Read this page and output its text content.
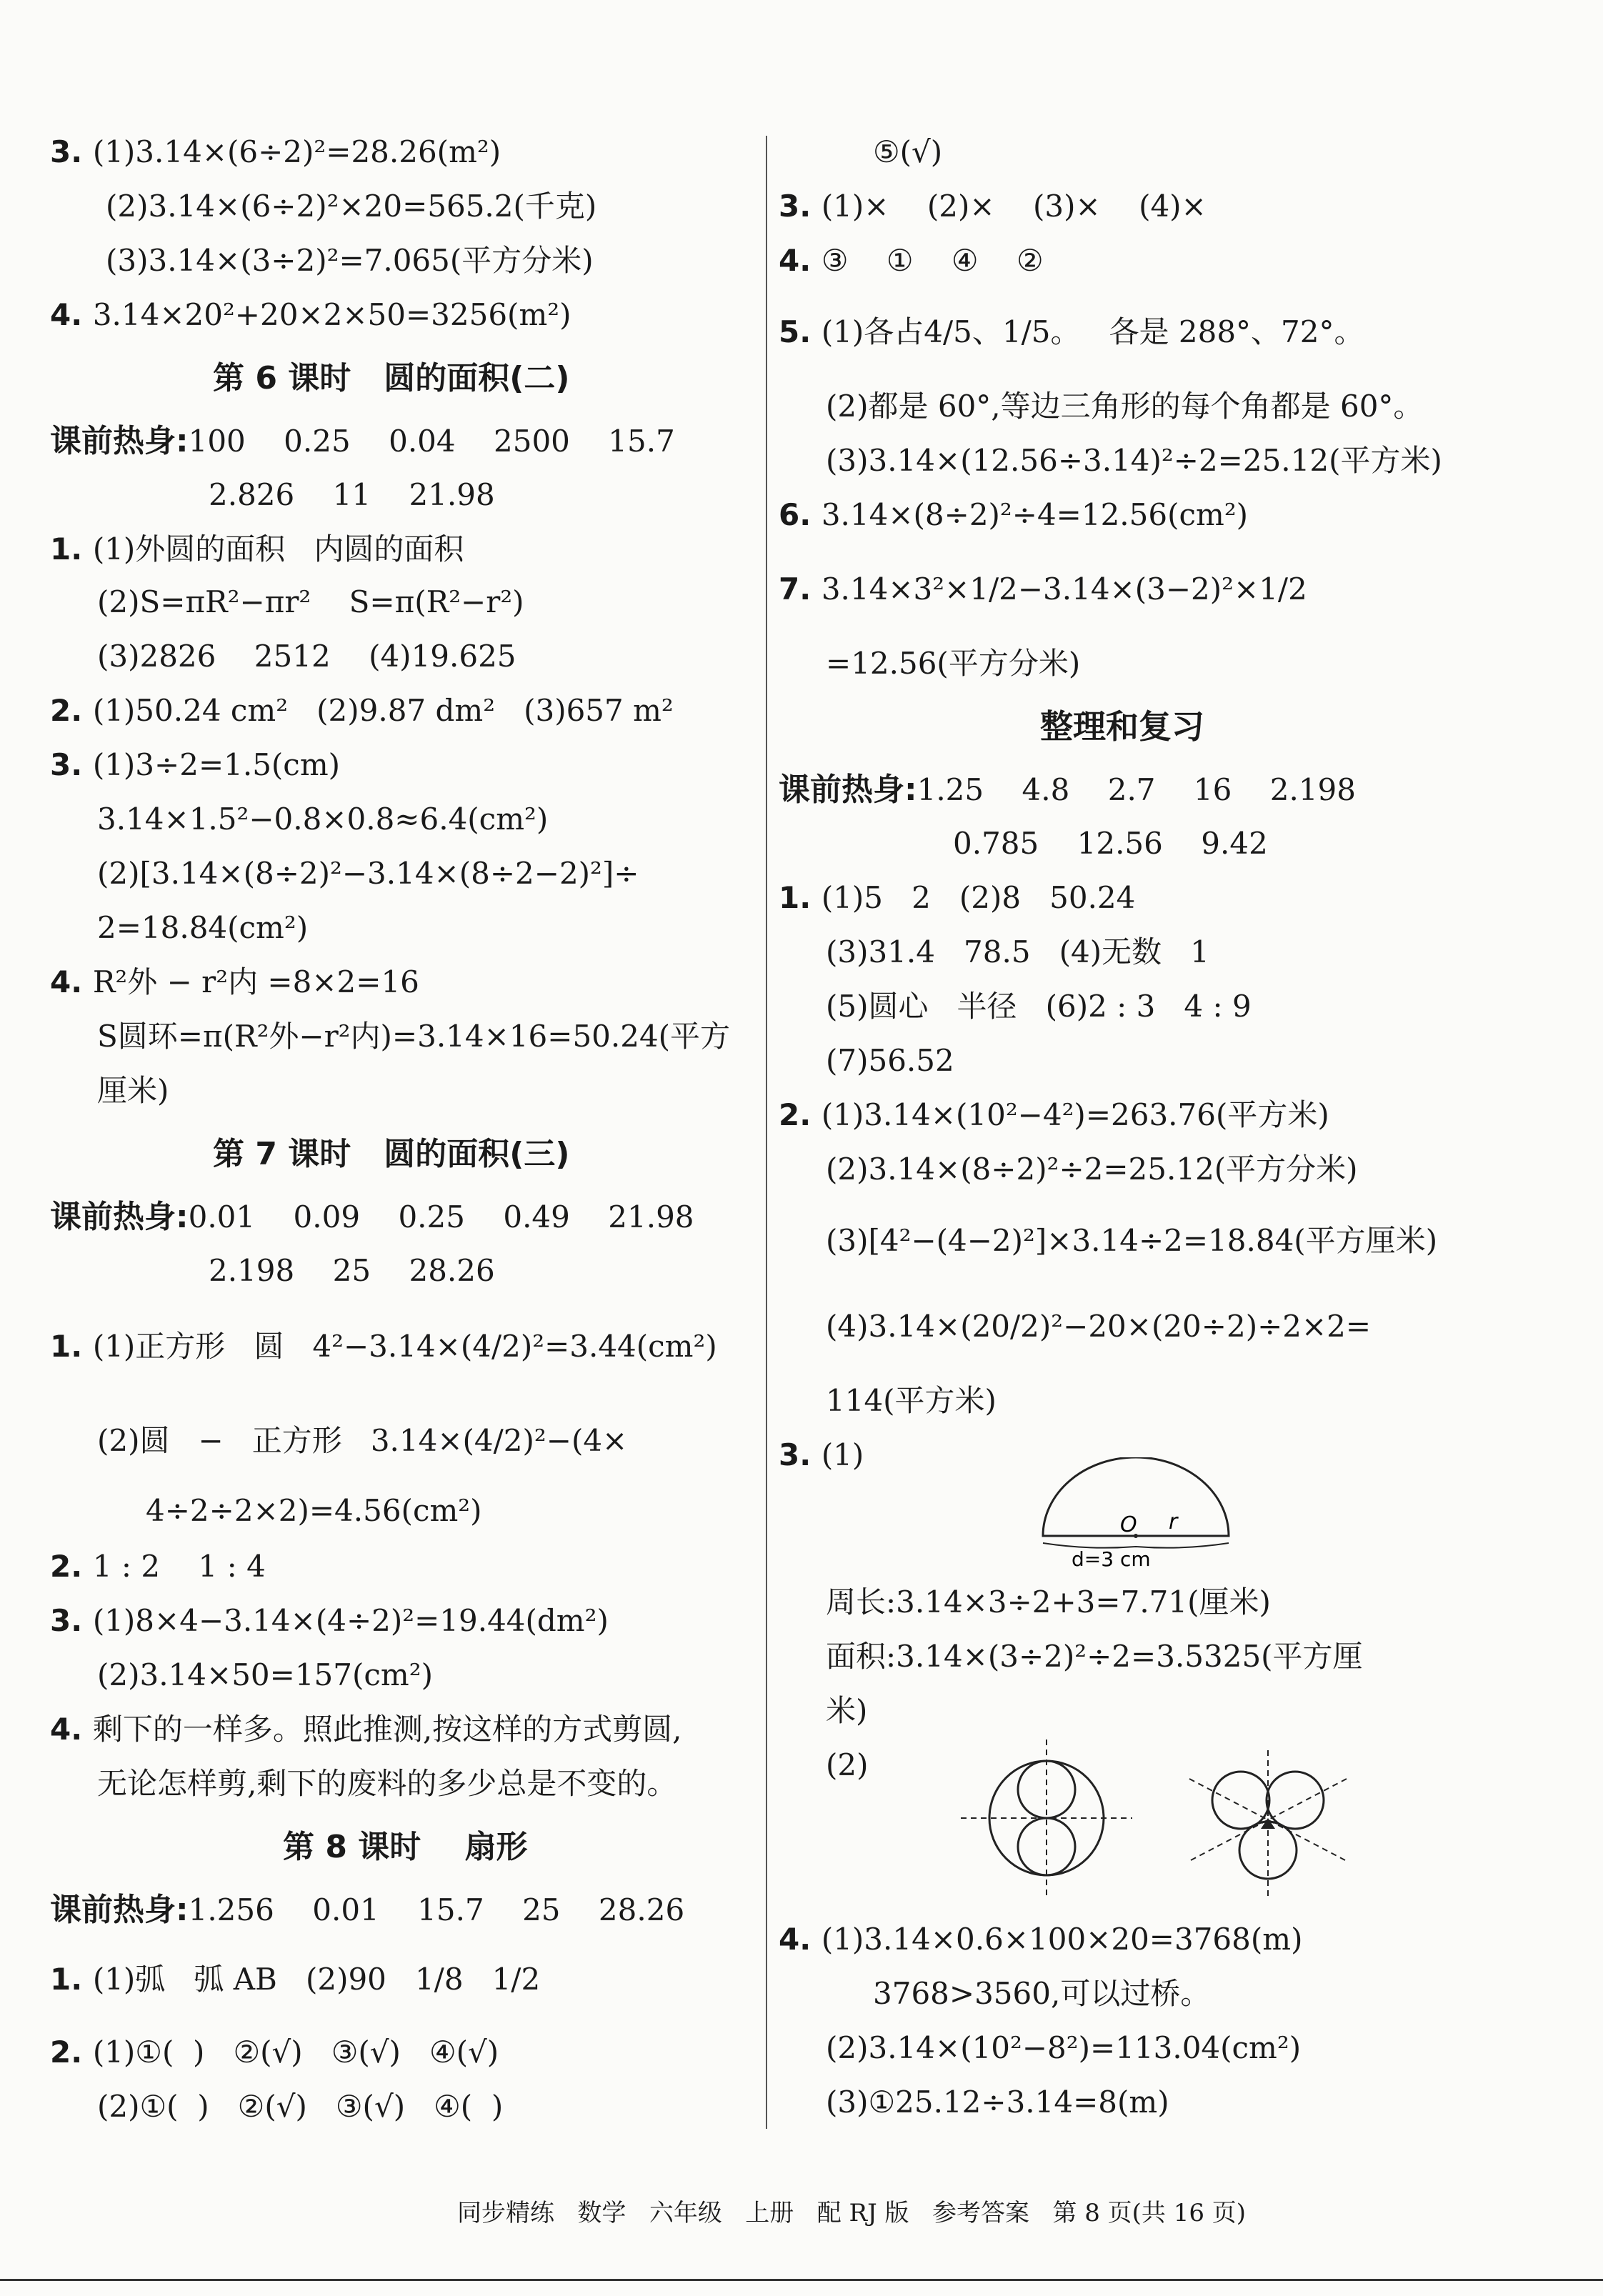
3. (1)3.14×(6÷2)²=28.26(m²)
(2)3.14×(6÷2)²×20=565.2(千克)
(3)3.14×(3÷2)²=7.065(平方分米)
4. 3.14×20²+20×2×50=3256(m²)
第 6 课时   圆的面积(二)
课前热身:100    0.25    0.04    2500    15.7
2.826    11    21.98
1. (1)外圆的面积   内圆的面积
(2)S=πR²−πr²    S=π(R²−r²)
(3)2826    2512    (4)19.625
2. (1)50.24 cm²   (2)9.87 dm²   (3)657 m²
3. (1)3÷2=1.5(cm)
3.14×1.5²−0.8×0.8≈6.4(cm²)
(2)[3.14×(8÷2)²−3.14×(8÷2−2)²]÷
2=18.84(cm²)
4. R²外 − r²内 =8×2=16
S圆环=π(R²外−r²内)=3.14×16=50.24(平方
厘米)
第 7 课时   圆的面积(三)
课前热身:0.01    0.09    0.25    0.49    21.98
2.198    25    28.26
1. (1)正方形   圆   4²−3.14×(4/2)²=3.44(cm²)
(2)圆   −   正方形   3.14×(4/2)²−(4×
4÷2÷2×2)=4.56(cm²)
2. 1 : 2    1 : 4
3. (1)8×4−3.14×(4÷2)²=19.44(dm²)
(2)3.14×50=157(cm²)
4. 剩下的一样多。照此推测,按这样的方式剪圆,
无论怎样剪,剩下的废料的多少总是不变的。
第 8 课时    扇形
课前热身:1.256    0.01    15.7    25    28.26
1. (1)弧   弧 AB   (2)90   1/8   1/2
2. (1)①(  )   ②(√)   ③(√)   ④(√)
(2)①(  )   ②(√)   ③(√)   ④(  )
⑤(√)
3. (1)×    (2)×    (3)×    (4)×
4. ③    ①    ④    ②
5. (1)各占4/5、1/5。   各是 288°、72°。
(2)都是 60°,等边三角形的每个角都是 60°。
(3)3.14×(12.56÷3.14)²÷2=25.12(平方米)
6. 3.14×(8÷2)²÷4=12.56(cm²)
7. 3.14×3²×1/2−3.14×(3−2)²×1/2
=12.56(平方分米)
整理和复习
课前热身:1.25    4.8    2.7    16    2.198
0.785    12.56    9.42
1. (1)5   2   (2)8   50.24
(3)31.4   78.5   (4)无数   1
(5)圆心   半径   (6)2 : 3   4 : 9
(7)56.52
2. (1)3.14×(10²−4²)=263.76(平方米)
(2)3.14×(8÷2)²÷2=25.12(平方分米)
(3)[4²−(4−2)²]×3.14÷2=18.84(平方厘米)
(4)3.14×(20/2)²−20×(20÷2)÷2×2=
114(平方米)
3. (1)
周长:3.14×3÷2+3=7.71(厘米)
面积:3.14×(3÷2)²÷2=3.5325(平方厘
米)
(2)
4. (1)3.14×0.6×100×20=3768(m)
3768>3560,可以过桥。
(2)3.14×(10²−8²)=113.04(cm²)
(3)①25.12÷3.14=8(m)
O r
d=3 cm
同步精练   数学   六年级   上册   配 RJ 版   参考答案   第 8 页(共 16 页)
